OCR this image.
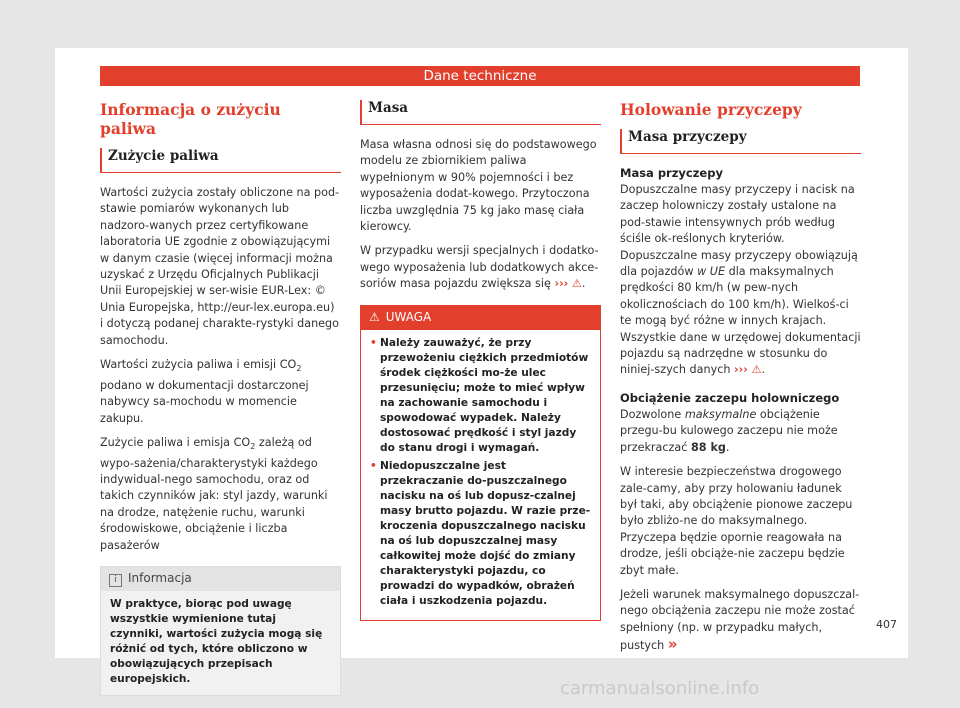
Dane techniczne
Informacja o zużyciu paliwa
Zużycie paliwa

Wartości zużycia zostały obliczone na pod-stawie pomiarów wykonanych lub nadzoro-wanych przez certyfikowane laboratoria UE zgodnie z obowiązującymi w danym czasie (więcej informacji można uzyskać z Urzędu Oficjalnych Publikacji Unii Europejskiej w ser-wisie EUR-Lex: © Unia Europejska, http://eur-lex.europa.eu) i dotyczą podanej charakte-rystyki danego samochodu.

Wartości zużycia paliwa i emisji $CO_2$ podano w dokumentacji dostarczonej nabywcy sa-mochodu w momencie zakupu.

Zużycie paliwa i emisja $CO_2$ zależą od wypo-sażenia/charakterystyki każdego indywidual-nego samochodu, oraz od takich czynników jak: styl jazdy, warunki na drodze, natężenie ruchu, warunki środowiskowe, obciążenie i liczba pasażerów

i Informacja
W praktyce, biorąc pod uwagę wszystkie wymienione tutaj czynniki, wartości zużycia mogą się różnić od tych, które obliczono w obowiązujących przepisach europejskich.
Masa

Masa własna odnosi się do podstawowego modelu ze zbiornikiem paliwa wypełnionym w 90% pojemności i bez wyposażenia dodat-kowego. Przytoczona liczba uwzględnia 75 kg jako masę ciała kierowcy.

W przypadku wersji specjalnych i dodatko-wego wyposażenia lub dodatkowych akce-soriów masa pojazdu zwiększa się ››› ⚠.

⚠ UWAGA
• Należy zauważyć, że przy przewożeniu ciężkich przedmiotów środek ciężkości mo-że ulec przesunięciu; może to mieć wpływ na zachowanie samochodu i spowodować wypadek. Należy dostosować prędkość i styl jazdy do stanu drogi i wymagań.
• Niedopuszczalne jest przekraczanie do-puszczalnego nacisku na oś lub dopusz-czalnej masy brutto pojazdu. W razie prze-kroczenia dopuszczalnego nacisku na oś lub dopuszczalnej masy całkowitej może dojść do zmiany charakterystyki pojazdu, co prowadzi do wypadków, obrażeń ciała i uszkodzenia pojazdu.
Holowanie przyczepy
Masa przyczepy
Masa przyczepy

Dopuszczalne masy przyczepy i nacisk na zaczep holowniczy zostały ustalone na pod-stawie intensywnych prób według ściśle ok-reślonych kryteriów. Dopuszczalne masy przyczepy obowiązują dla pojazdów w UE dla maksymalnych prędkości 80 km/h (w pew-nych okolicznościach do 100 km/h). Wielkoś-ci te mogą być różne w innych krajach. Wszystkie dane w urzędowej dokumentacji pojazdu są nadrzędne w stosunku do niniej-szych danych ››› ⚠.

Obciążenie zaczepu holowniczego

Dozwolone maksymalne obciążenie przegu-bu kulowego zaczepu nie może przekraczać 88 kg.

W interesie bezpieczeństwa drogowego zale-camy, aby przy holowaniu ładunek był taki, aby obciążenie pionowe zaczepu było zbliżo-ne do maksymalnego. Przyczepa będzie opornie reagowała na drodze, jeśli obciąże-nie zaczepu będzie zbyt małe.

Jeżeli warunek maksymalnego dopuszczal-nego obciążenia zaczepu nie może zostać spełniony (np. w przypadku małych, pustych »

407
carmanualsonline.info
